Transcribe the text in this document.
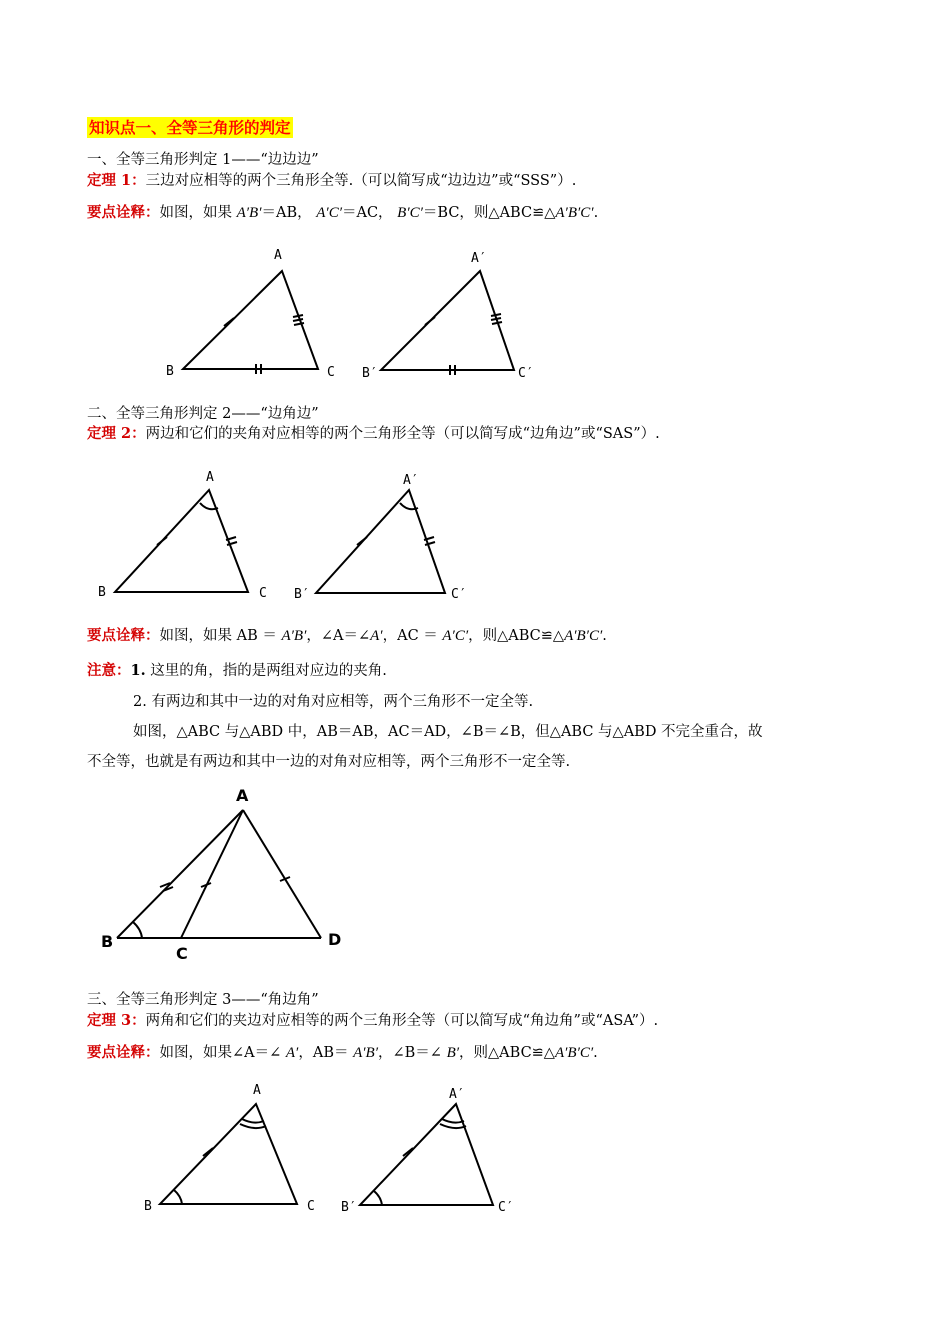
知识点一、全等三角形的判定
一、全等三角形判定 1——“边边边”
定理 1：三边对应相等的两个三角形全等.（可以简写成“边边边”或“SSS”）.
要点诠释：如图，如果 A′B′＝AB， A′C′＝AC， B′C′＝BC，则△ABC≌△A′B′C′.
A
B	C
A′
B′	C′
二、全等三角形判定 2——“边角边”
定理 2：两边和它们的夹角对应相等的两个三角形全等（可以简写成“边角边”或“SAS”）.
A
B	C
A′
B′	C′
要点诠释：如图，如果 AB ＝ A′B′，∠A＝∠A′，AC ＝ A′C′，则△ABC≌△A′B′C′.
注意：1. 这里的角，指的是两组对应边的夹角.
2. 有两边和其中一边的对角对应相等，两个三角形不一定全等.
如图，△ABC 与△ABD 中，AB＝AB，AC＝AD，∠B＝∠B，但△ABC 与△ABD 不完全重合，故
不全等，也就是有两边和其中一边的对角对应相等，两个三角形不一定全等.
A
B
C
D
三、全等三角形判定 3——“角边角”
定理 3：两角和它们的夹边对应相等的两个三角形全等（可以简写成“角边角”或“ASA”）.
要点诠释：如图，如果∠A＝∠ A′，AB＝ A′B′，∠B＝∠ B′，则△ABC≌△A′B′C′.
A
B	C
A′
B′	C′
